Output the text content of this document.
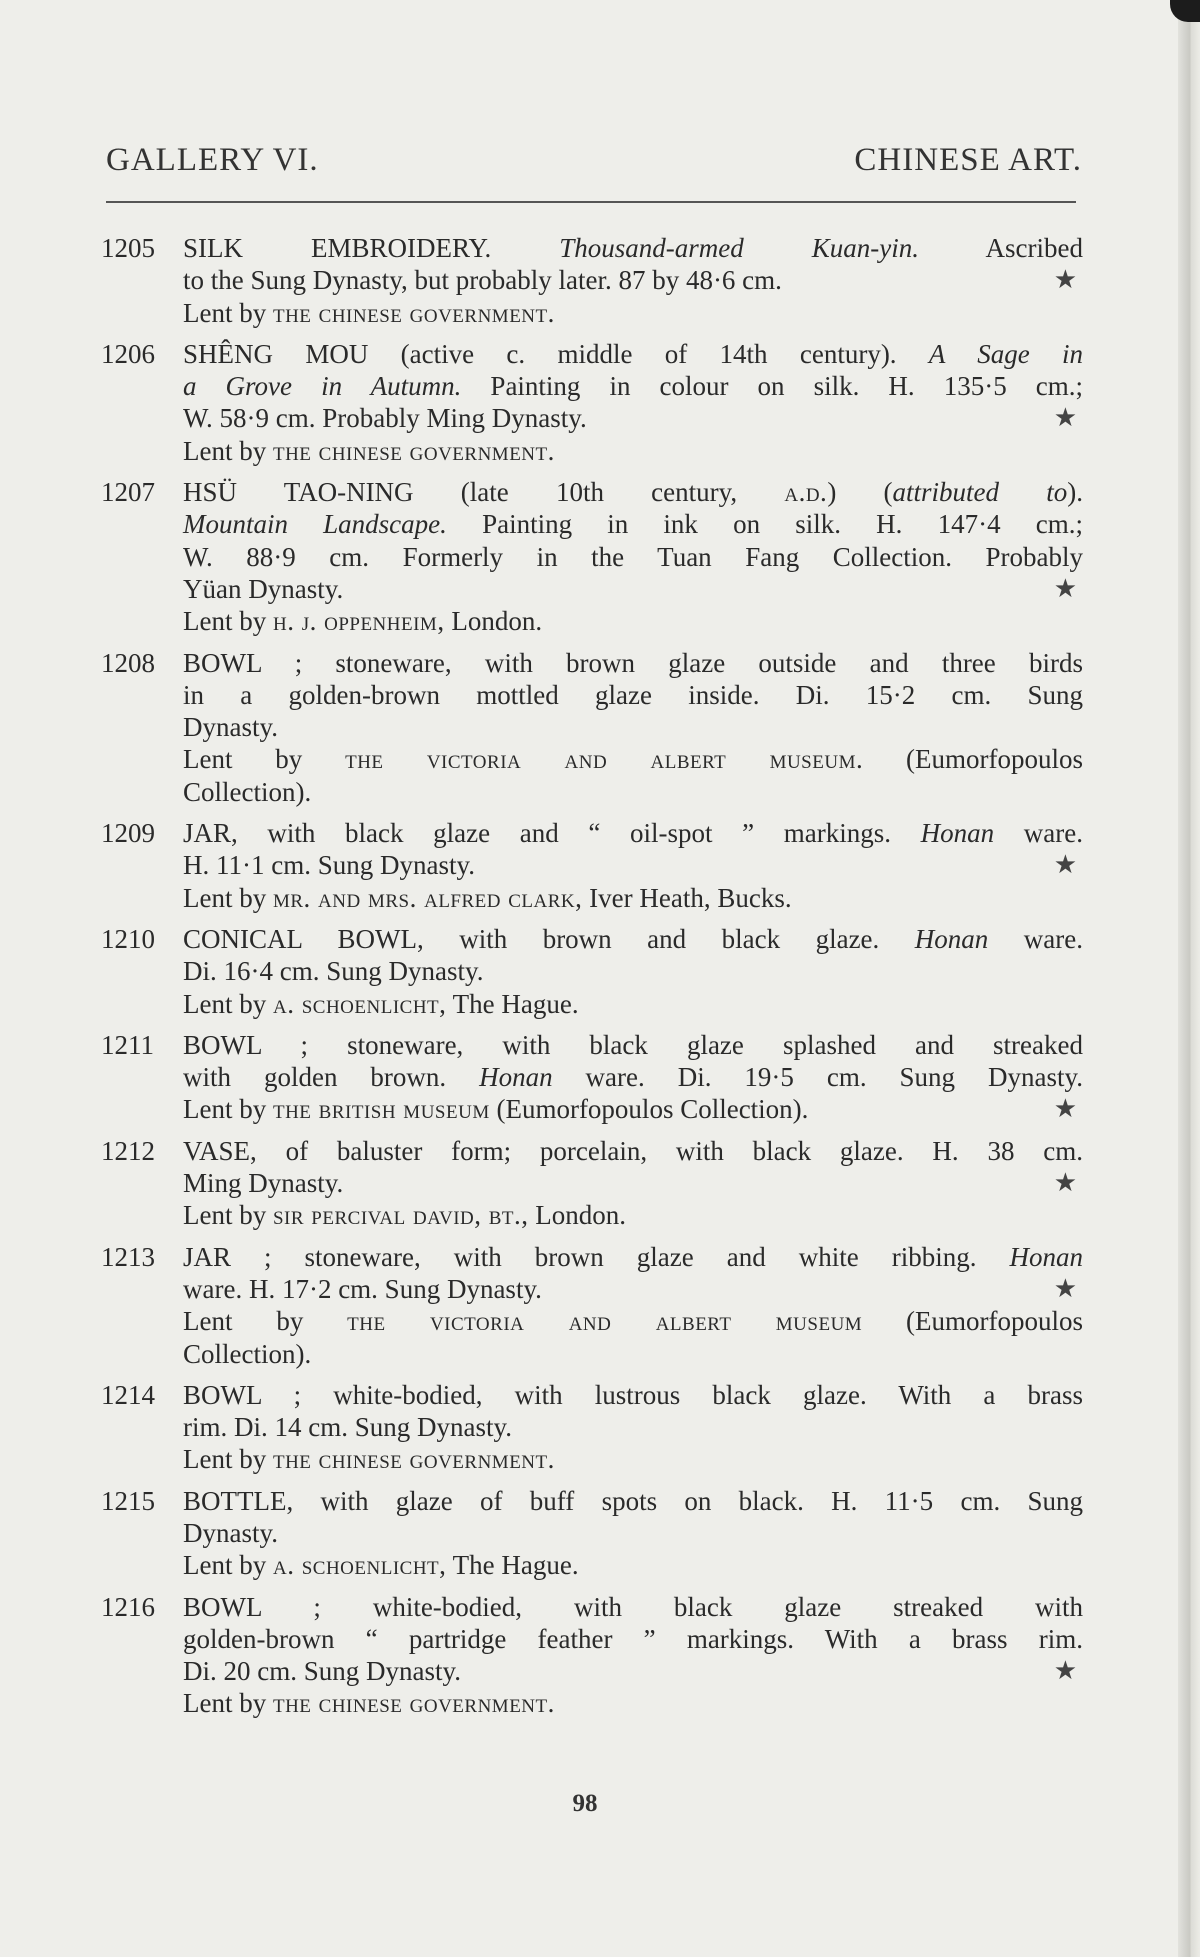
GALLERY VI.	CHINESE ART.
1205	SILK EMBROIDERY. Thousand-armed Kuan-yin. Ascribed
to the Sung Dynasty, but probably later. 87 by 48·6 cm.	★
Lent by the chinese government.
1206	SHÊNG MOU (active c. middle of 14th century). A Sage in
a Grove in Autumn. Painting in colour on silk. H. 135·5 cm.;
W. 58·9 cm. Probably Ming Dynasty.	★
Lent by the chinese government.
1207	HSÜ TAO-NING (late 10th century, a.d.) (attributed to).
Mountain Landscape. Painting in ink on silk. H. 147·4 cm.;
W. 88·9 cm. Formerly in the Tuan Fang Collection. Probably
Yüan Dynasty.	★
Lent by h. j. oppenheim, London.
1208	BOWL ; stoneware, with brown glaze outside and three birds
in a golden-brown mottled glaze inside. Di. 15·2 cm. Sung
Dynasty.
Lent by the victoria and albert museum. (Eumorfopoulos
Collection).
1209	JAR, with black glaze and “ oil-spot ” markings. Honan ware.
H. 11·1 cm. Sung Dynasty.	★
Lent by mr. and mrs. alfred clark, Iver Heath, Bucks.
1210	CONICAL BOWL, with brown and black glaze. Honan ware.
Di. 16·4 cm. Sung Dynasty.
Lent by a. schoenlicht, The Hague.
1211	BOWL ; stoneware, with black glaze splashed and streaked
with golden brown. Honan ware. Di. 19·5 cm. Sung Dynasty.
Lent by the british museum (Eumorfopoulos Collection).	★
1212	VASE, of baluster form; porcelain, with black glaze. H. 38 cm.
Ming Dynasty.	★
Lent by sir percival david, bt., London.
1213	JAR ; stoneware, with brown glaze and white ribbing. Honan
ware. H. 17·2 cm. Sung Dynasty.	★
Lent by the victoria and albert museum (Eumorfopoulos
Collection).
1214	BOWL ; white-bodied, with lustrous black glaze. With a brass
rim. Di. 14 cm. Sung Dynasty.
Lent by the chinese government.
1215	BOTTLE, with glaze of buff spots on black. H. 11·5 cm. Sung
Dynasty.
Lent by a. schoenlicht, The Hague.
1216	BOWL ; white-bodied, with black glaze streaked with
golden-brown “ partridge feather ” markings. With a brass rim.
Di. 20 cm. Sung Dynasty.	★
Lent by the chinese government.
98
